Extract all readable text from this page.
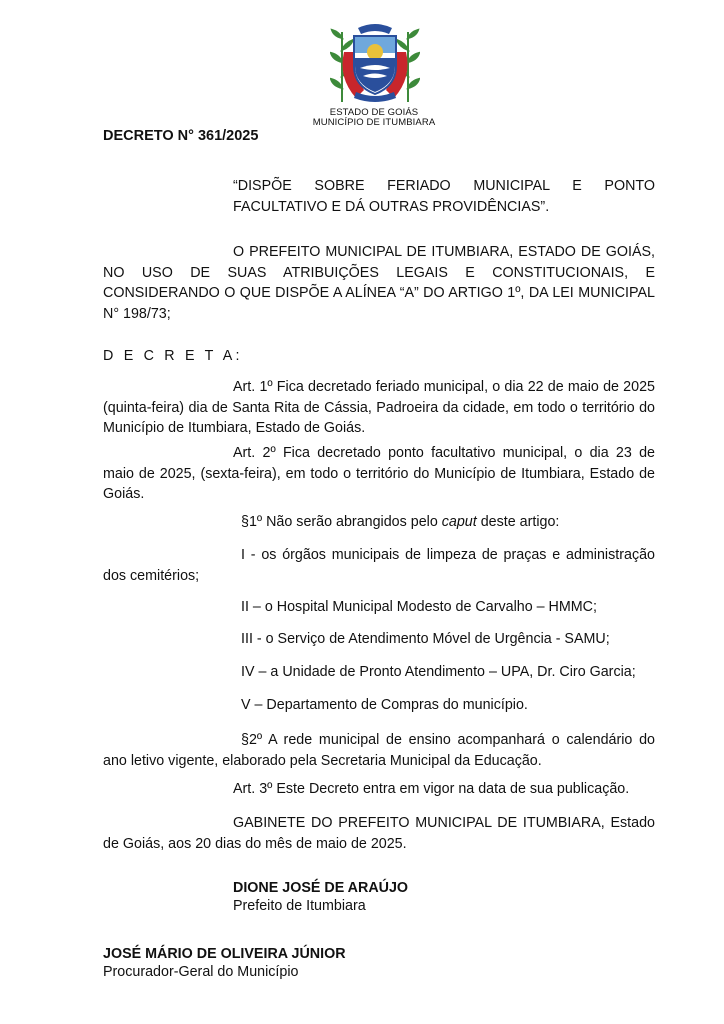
ESTADO DE GOIÁS
MUNICÍPIO DE ITUMBIARA

DECRETO N° 361/2025

“DISPÕE SOBRE FERIADO MUNICIPAL E PONTO FACULTATIVO E DÁ OUTRAS PROVIDÊNCIAS”.

O PREFEITO MUNICIPAL DE ITUMBIARA, ESTADO DE GOIÁS, NO USO DE SUAS ATRIBUIÇÕES LEGAIS E CONSTITUCIONAIS, E CONSIDERANDO O QUE DISPÕE A ALÍNEA “A” DO ARTIGO 1º, DA LEI MUNICIPAL N° 198/73;

D E C R E T A:

Art. 1º Fica decretado feriado municipal, o dia 22 de maio de 2025 (quinta-feira) dia de Santa Rita de Cássia, Padroeira da cidade, em todo o território do Município de Itumbiara, Estado de Goiás.

Art. 2º Fica decretado ponto facultativo municipal, o dia 23 de maio de 2025, (sexta-feira), em todo o território do Município de Itumbiara, Estado de Goiás.

§1º Não serão abrangidos pelo caput deste artigo:

I - os órgãos municipais de limpeza de praças e administração dos cemitérios;

II – o Hospital Municipal Modesto de Carvalho – HMMC;

III - o Serviço de Atendimento Móvel de Urgência - SAMU;

IV – a Unidade de Pronto Atendimento – UPA, Dr. Ciro Garcia;

V – Departamento de Compras do município.

§2º A rede municipal de ensino acompanhará o calendário do ano letivo vigente, elaborado pela Secretaria Municipal da Educação.

Art. 3º Este Decreto entra em vigor na data de sua publicação.

GABINETE DO PREFEITO MUNICIPAL DE ITUMBIARA, Estado de Goiás, aos 20 dias do mês de maio de 2025.

DIONE JOSÉ DE ARAÚJO

Prefeito de Itumbiara

JOSÉ MÁRIO DE OLIVEIRA JÚNIOR

Procurador-Geral do Município
